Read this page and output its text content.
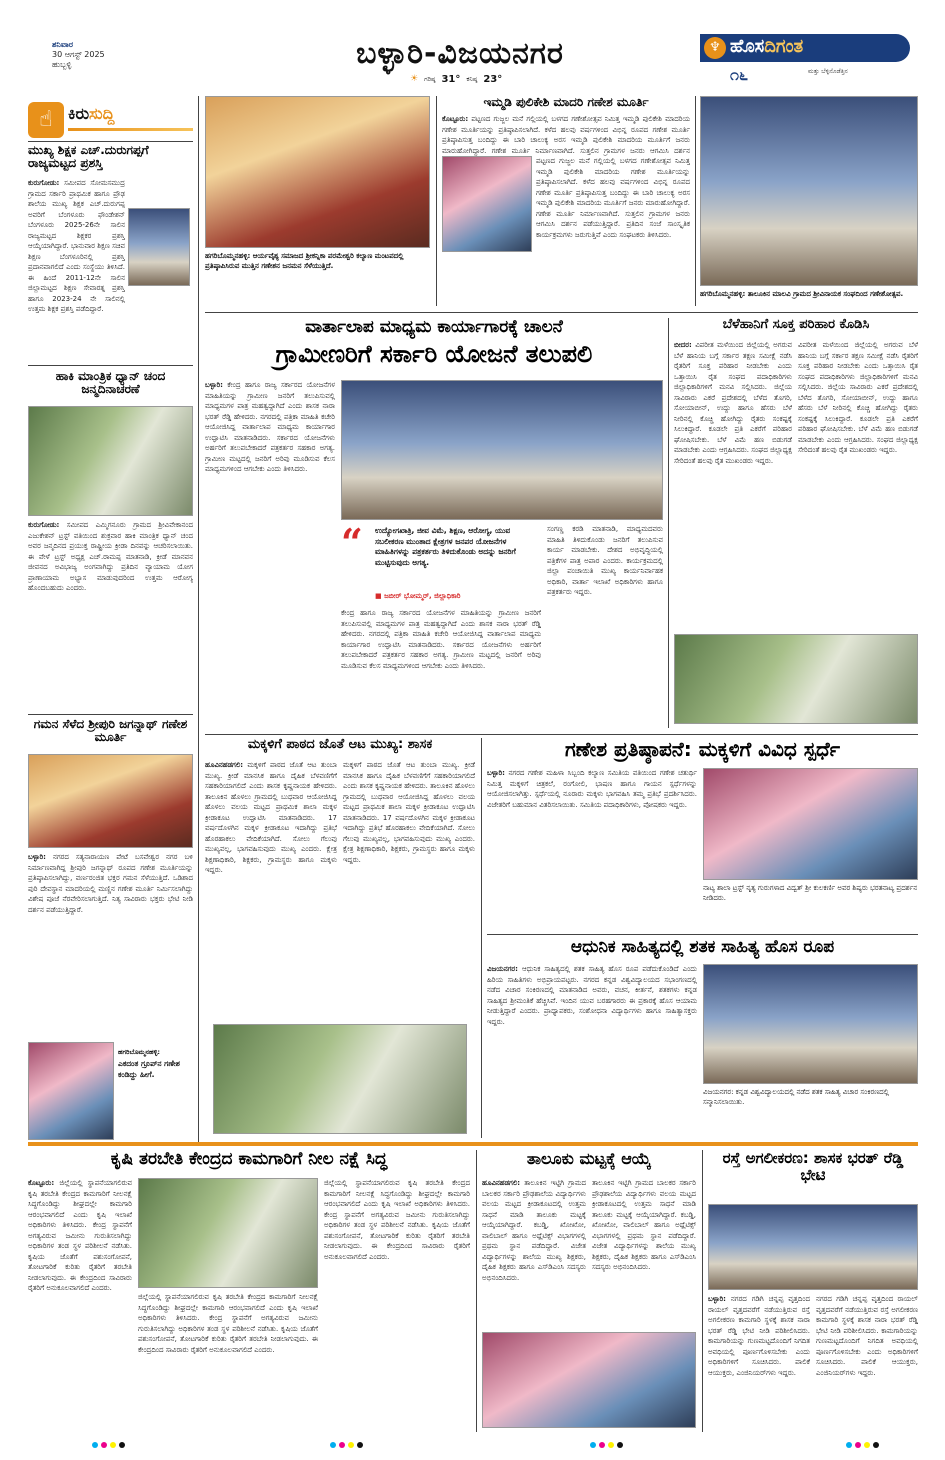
ಶನಿವಾರ
30 ಆಗಸ್ಟ್ 2025
ಹುಬ್ಬಳ್ಳಿ	ಬಳ್ಳಾರಿ-ವಿಜಯನಗರ
☀ ಗರಿಷ್ಠ 31° ಕನಿಷ್ಠ 23°
♆ ಹೊಸದಿಗಂತ
೧೬	ಮತ್ತು ಬೆಳ್ಳಿನೊಡೆತ್ತಿನ
☝ ಕಿರುಸುದ್ದಿ
ಮುಖ್ಯ ಶಿಕ್ಷಕ ಎಚ್.ದುರುಗಪ್ಪಗೆ ರಾಜ್ಯಮಟ್ಟದ ಪ್ರಶಸ್ತಿ
ಕುರುಗೋಡು: ಸಮೀಪದ ಸೋಮಸಮುದ್ರ ಗ್ರಾಮದ ಸರ್ಕಾರಿ ಪ್ರಾಥಮಿಕ ಹಾಗೂ ಪ್ರೌಢ ಶಾಲೆಯ ಮುಖ್ಯ ಶಿಕ್ಷಕ ಎಚ್.ದುರುಗಪ್ಪ ಅವರಿಗೆ ಬೆಂಗಳೂರು ಫೌಂಡೇಶನ್ ಬೆಂಗಳೂರು 2025-26ನೇ ಸಾಲಿನ ರಾಜ್ಯಮಟ್ಟದ ಶಿಕ್ಷಕರ ಪ್ರಶಸ್ತಿ ಆಯ್ಕೆಯಾಗಿದ್ದಾರೆ. ಭಾನುವಾರ ಶಿಕ್ಷಣ ಸಚಿವ ಶಿಕ್ಷಣ ಬೆಂಗಳೂರಿನಲ್ಲಿ ಪ್ರಶಸ್ತಿ ಪ್ರದಾನವಾಗಲಿದೆ ಎಂದು ಸಂಸ್ಥೆಯು ತಿಳಿಸಿದೆ. ಈ ಹಿಂದೆ 2011-12ನೇ ಸಾಲಿನ ಜಿಲ್ಲಾಮಟ್ಟದ ಶಿಕ್ಷಣ ಸೇವಾರತ್ನ ಪ್ರಶಸ್ತಿ ಹಾಗೂ 2023-24 ನೇ ಸಾಲಿನಲ್ಲಿ ಉತ್ತಮ ಶಿಕ್ಷಕ ಪ್ರಶಸ್ತಿ ಪಡೆದಿದ್ದಾರೆ.
ಹಾಕಿ ಮಾಂತ್ರಿಕ ಧ್ಯಾನ್ ಚಂದ ಜನ್ಮದಿನಾಚರಣೆ
ಕುರುಗೋಡು: ಸಮೀಪದ ಎಮ್ಮಿಗನೂರು ಗ್ರಾಮದ ಶ್ರೀವಿವೇಕಾನಂದ ಎಜುಕೇಶನ್ ಟ್ರಸ್ಟ್ ವತಿಯಿಂದ ಶುಕ್ರವಾರ ಹಾಕಿ ಮಾಂತ್ರಿಕ ಧ್ಯಾನ್ ಚಂದ ಅವರ ಜನ್ಮದಿನದ ಪ್ರಯುಕ್ತ ರಾಷ್ಟ್ರೀಯ ಕ್ರೀಡಾ ದಿನವನ್ನು ಆಚರಿಸಲಾಯಿತು. ಈ ವೇಳೆ ಟ್ರಸ್ಟ್ ಅಧ್ಯಕ್ಷ ಎಚ್.ರಾಮಪ್ಪ ಮಾತನಾಡಿ, ಕ್ರೀಡೆ ಮಾನವನ ಜೀವನದ ಅವಿಭಾಜ್ಯ ಅಂಗವಾಗಿದ್ದು ಪ್ರತಿದಿನ ವ್ಯಾಯಾಮ ಯೋಗ ಪ್ರಾಣಾಯಾಮ ಅಭ್ಯಾಸ ಮಾಡುವುದರಿಂದ ಉತ್ತಮ ಆರೋಗ್ಯ ಹೊಂದಬಹುದು ಎಂದರು.
ಗಮನ ಸೆಳೆದ ಶ್ರೀಪುರಿ ಜಗನ್ನಾಥ್ ಗಣೇಶ ಮೂರ್ತಿ
ಬಳ್ಳಾರಿ: ನಗರದ ಸತ್ಯನಾರಾಯಣ ಪೇಟೆ ಬಸವೇಶ್ವರ ನಗರ ಬಳಿ ನಿರ್ಮಾಣವಾಗಿದ್ದ ಶ್ರೀಪುರಿ ಜಗನ್ನಾಥ್ ರೂಪದ ಗಣೇಶ ಮೂರ್ತಿಯನ್ನು ಪ್ರತಿಷ್ಠಾಪಿಸಲಾಗಿದ್ದು, ವರ್ಣರಂಜಿತ ಭಕ್ತರ ಗಮನ ಸೆಳೆಯುತ್ತಿದೆ. ಒಡಿಶಾದ ಪುರಿ ದೇವಸ್ಥಾನ ಮಾದರಿಯಲ್ಲಿ ಮಣ್ಣಿನ ಗಣೇಶ ಮೂರ್ತಿ ನಿರ್ಮಿಸಲಾಗಿದ್ದು ವಿಶೇಷ ಪೂಜೆ ನೆರವೇರಿಸಲಾಗುತ್ತಿದೆ. ನಿತ್ಯ ಸಾವಿರಾರು ಭಕ್ತರು ಭೇಟಿ ನೀಡಿ ದರ್ಶನ ಪಡೆಯುತ್ತಿದ್ದಾರೆ.
ಹಗರಿಬೊಮ್ಮನಹಳ್ಳಿ:
ಎಕದಂತ ಗ್ರೂಪ್‌ನ ಗಣೇಶ ಕಂಡಿದ್ದು ಹೀಗೆ.
ಹಗರಿಬೊಮ್ಮನಹಳ್ಳಿ: ಆರ್ಯವೈಶ್ಯ ಸಮಾಜದ ಶ್ರೀಕನ್ನಿಕಾ ಪರಮೇಶ್ವರಿ ಕಲ್ಯಾಣ ಮಂಟಪದಲ್ಲಿ ಪ್ರತಿಷ್ಠಾಪಿಸಿರುವ ಮುತ್ತಿನ ಗಣೇಶನ ಜನಮನ ಸೆಳೆಯುತ್ತಿದೆ.
ಇಮ್ಮಡಿ ಪುಲಿಕೇಶಿ ಮಾದರಿ ಗಣೇಶ ಮೂರ್ತಿ
ಕೊಟ್ಟೂರು: ಪಟ್ಟಣದ ಗುಜ್ಜಲ ಮನೆ ಗಲ್ಲಿಯಲ್ಲಿ ಬಳಗದ ಗಣೇಶೋತ್ಸವ ನಿಮಿತ್ತ ಇಮ್ಮಡಿ ಪುಲಿಕೇಶಿ ಮಾದರಿಯ ಗಣೇಶ ಮೂರ್ತಿಯನ್ನು ಪ್ರತಿಷ್ಠಾಪಿಸಲಾಗಿದೆ. ಕಳೆದ ಹಲವು ವರ್ಷಗಳಿಂದ ವಿಭಿನ್ನ ರೂಪದ ಗಣೇಶ ಮೂರ್ತಿ ಪ್ರತಿಷ್ಠಾಪಿಸುತ್ತ ಬಂದಿದ್ದು ಈ ಬಾರಿ ಚಾಲುಕ್ಯ ಅರಸ ಇಮ್ಮಡಿ ಪುಲಿಕೇಶಿ ಮಾದರಿಯ ಮೂರ್ತಿಗೆ ಜನರು ಮಾರುಹೋಗಿದ್ದಾರೆ. ಗಣೇಶ ಮೂರ್ತಿ ನಿರ್ಮಾಣವಾಗಿದೆ. ಸುತ್ತಲಿನ ಗ್ರಾಮಗಳ ಜನರು ಆಗಮಿಸಿ ದರ್ಶನ
ಪಟ್ಟಣದ ಗುಜ್ಜಲ ಮನೆ ಗಲ್ಲಿಯಲ್ಲಿ ಬಳಗದ ಗಣೇಶೋತ್ಸವ ನಿಮಿತ್ತ ಇಮ್ಮಡಿ ಪುಲಿಕೇಶಿ ಮಾದರಿಯ ಗಣೇಶ ಮೂರ್ತಿಯನ್ನು ಪ್ರತಿಷ್ಠಾಪಿಸಲಾಗಿದೆ. ಕಳೆದ ಹಲವು ವರ್ಷಗಳಿಂದ ವಿಭಿನ್ನ ರೂಪದ ಗಣೇಶ ಮೂರ್ತಿ ಪ್ರತಿಷ್ಠಾಪಿಸುತ್ತ ಬಂದಿದ್ದು ಈ ಬಾರಿ ಚಾಲುಕ್ಯ ಅರಸ ಇಮ್ಮಡಿ ಪುಲಿಕೇಶಿ ಮಾದರಿಯ ಮೂರ್ತಿಗೆ ಜನರು ಮಾರುಹೋಗಿದ್ದಾರೆ. ಗಣೇಶ ಮೂರ್ತಿ ನಿರ್ಮಾಣವಾಗಿದೆ. ಸುತ್ತಲಿನ ಗ್ರಾಮಗಳ ಜನರು ಆಗಮಿಸಿ ದರ್ಶನ ಪಡೆಯುತ್ತಿದ್ದಾರೆ. ಪ್ರತಿದಿನ ಸಂಜೆ ಸಾಂಸ್ಕೃತಿಕ ಕಾರ್ಯಕ್ರಮಗಳು ಜರುಗುತ್ತಿವೆ ಎಂದು ಸಂಘಟಕರು ತಿಳಿಸಿದರು.
ಹಗರಿಬೊಮ್ಮನಹಳ್ಳಿ: ತಾಲೂಕಿನ ಮಾಲವಿ ಗ್ರಾಮದ ಶ್ರೀವಿನಾಯಕ ಸಂಘದಿಂದ ಗಣೇಶೋತ್ಸವ.
ವಾರ್ತಾಲಾಪ ಮಾಧ್ಯಮ ಕಾರ್ಯಾಗಾರಕ್ಕೆ ಚಾಲನೆ
ಗ್ರಾಮೀಣರಿಗೆ ಸರ್ಕಾರಿ ಯೋಜನೆ ತಲುಪಲಿ
ಬಳ್ಳಾರಿ: ಕೇಂದ್ರ ಹಾಗೂ ರಾಜ್ಯ ಸರ್ಕಾರದ ಯೋಜನೆಗಳ ಮಾಹಿತಿಯನ್ನು ಗ್ರಾಮೀಣ ಜನರಿಗೆ ತಲುಪಿಸುವಲ್ಲಿ ಮಾಧ್ಯಮಗಳ ಪಾತ್ರ ಮಹತ್ವದ್ದಾಗಿದೆ ಎಂದು ಶಾಸಕ ನಾರಾ ಭರತ್ ರೆಡ್ಡಿ ಹೇಳಿದರು. ನಗರದಲ್ಲಿ ಪತ್ರಿಕಾ ಮಾಹಿತಿ ಕಚೇರಿ ಆಯೋಜಿಸಿದ್ದ ವಾರ್ತಾಲಾಪ ಮಾಧ್ಯಮ ಕಾರ್ಯಾಗಾರ ಉದ್ಘಾಟಿಸಿ ಮಾತನಾಡಿದರು. ಸರ್ಕಾರದ ಯೋಜನೆಗಳು ಅರ್ಹರಿಗೆ ತಲುಪಬೇಕಾದರೆ ಪತ್ರಕರ್ತರ ಸಹಕಾರ ಅಗತ್ಯ. ಗ್ರಾಮೀಣ ಮಟ್ಟದಲ್ಲಿ ಜನರಿಗೆ ಅರಿವು ಮೂಡಿಸುವ ಕೆಲಸ ಮಾಧ್ಯಮಗಳಿಂದ ಆಗಬೇಕು ಎಂದು ತಿಳಿಸಿದರು.
“ ಉದ್ಯೋಗಖಾತ್ರಿ, ಜೀವ ವಿಮೆ, ಶಿಕ್ಷಣ, ಆರೋಗ್ಯ, ಯುವ ಸಬಲೀಕರಣ ಮುಂತಾದ ಕ್ಷೇತ್ರಗಳ ಜನಪರ ಯೋಜನೆಗಳ ಮಾಹಿತಿಗಳನ್ನು ಪತ್ರಕರ್ತರು ತಿಳಿದುಕೊಂಡು ಅದನ್ನು ಜನರಿಗೆ ಮುಟ್ಟಿಸುವುದು ಅಗತ್ಯ.
■ ಜಬೀರ್ ಭೋಮ್ಮರ್, ಜಿಲ್ಲಾಧಿಕಾರಿ
ಸಂಗಣ್ಣ ಕರಡಿ ಮಾತನಾಡಿ, ಮಾಧ್ಯಮದವರು ಮಾಹಿತಿ ತಿಳಿದುಕೊಂಡು ಜನರಿಗೆ ತಲುಪಿಸುವ ಕಾರ್ಯ ಮಾಡಬೇಕು. ದೇಶದ ಅಭಿವೃದ್ಧಿಯಲ್ಲಿ ಪತ್ರಿಕೆಗಳ ಪಾತ್ರ ಅಪಾರ ಎಂದರು. ಕಾರ್ಯಕ್ರಮದಲ್ಲಿ ಜಿಲ್ಲಾ ಪಂಚಾಯಿತಿ ಮುಖ್ಯ ಕಾರ್ಯನಿರ್ವಾಹಕ ಅಧಿಕಾರಿ, ವಾರ್ತಾ ಇಲಾಖೆ ಅಧಿಕಾರಿಗಳು ಹಾಗೂ ಪತ್ರಕರ್ತರು ಇದ್ದರು.
ಕೇಂದ್ರ ಹಾಗೂ ರಾಜ್ಯ ಸರ್ಕಾರದ ಯೋಜನೆಗಳ ಮಾಹಿತಿಯನ್ನು ಗ್ರಾಮೀಣ ಜನರಿಗೆ ತಲುಪಿಸುವಲ್ಲಿ ಮಾಧ್ಯಮಗಳ ಪಾತ್ರ ಮಹತ್ವದ್ದಾಗಿದೆ ಎಂದು ಶಾಸಕ ನಾರಾ ಭರತ್ ರೆಡ್ಡಿ ಹೇಳಿದರು. ನಗರದಲ್ಲಿ ಪತ್ರಿಕಾ ಮಾಹಿತಿ ಕಚೇರಿ ಆಯೋಜಿಸಿದ್ದ ವಾರ್ತಾಲಾಪ ಮಾಧ್ಯಮ ಕಾರ್ಯಾಗಾರ ಉದ್ಘಾಟಿಸಿ ಮಾತನಾಡಿದರು. ಸರ್ಕಾರದ ಯೋಜನೆಗಳು ಅರ್ಹರಿಗೆ ತಲುಪಬೇಕಾದರೆ ಪತ್ರಕರ್ತರ ಸಹಕಾರ ಅಗತ್ಯ. ಗ್ರಾಮೀಣ ಮಟ್ಟದಲ್ಲಿ ಜನರಿಗೆ ಅರಿವು ಮೂಡಿಸುವ ಕೆಲಸ ಮಾಧ್ಯಮಗಳಿಂದ ಆಗಬೇಕು ಎಂದು ತಿಳಿಸಿದರು.
ಬೆಳೆಹಾನಿಗೆ ಸೂಕ್ತ ಪರಿಹಾರ ಕೊಡಿಸಿ
ಬೀದರ: ವಿಪರೀತ ಮಳೆಯಿಂದ ಜಿಲ್ಲೆಯಲ್ಲಿ ಅಗರುವ ಬೆಳೆ ಹಾನಿಯ ಬಗ್ಗೆ ಸರ್ಕಾರ ತಕ್ಷಣ ಸಮೀಕ್ಷೆ ನಡೆಸಿ ರೈತರಿಗೆ ಸೂಕ್ತ ಪರಿಹಾರ ನೀಡಬೇಕು ಎಂದು ಒತ್ತಾಯಿಸಿ ರೈತ ಸಂಘದ ಪದಾಧಿಕಾರಿಗಳು ಜಿಲ್ಲಾಧಿಕಾರಿಗಳಿಗೆ ಮನವಿ ಸಲ್ಲಿಸಿದರು. ಜಿಲ್ಲೆಯ ಸಾವಿರಾರು ಎಕರೆ ಪ್ರದೇಶದಲ್ಲಿ ಬೆಳೆದ ತೊಗರಿ, ಸೋಯಾಬೀನ್, ಉದ್ದು ಹಾಗೂ ಹೆಸರು ಬೆಳೆ ನೀರಿನಲ್ಲಿ ಕೊಚ್ಚಿ ಹೋಗಿದ್ದು ರೈತರು ಸಂಕಷ್ಟಕ್ಕೆ ಸಿಲುಕಿದ್ದಾರೆ. ಕೂಡಲೇ ಪ್ರತಿ ಎಕರೆಗೆ ಪರಿಹಾರ ಘೋಷಿಸಬೇಕು. ಬೆಳೆ ವಿಮೆ ಹಣ ಬಿಡುಗಡೆ ಮಾಡಬೇಕು ಎಂದು ಆಗ್ರಹಿಸಿದರು. ಸಂಘದ ಜಿಲ್ಲಾಧ್ಯಕ್ಷ ಸೇರಿದಂತೆ ಹಲವು ರೈತ ಮುಖಂಡರು ಇದ್ದರು.
ವಿಪರೀತ ಮಳೆಯಿಂದ ಜಿಲ್ಲೆಯಲ್ಲಿ ಅಗರುವ ಬೆಳೆ ಹಾನಿಯ ಬಗ್ಗೆ ಸರ್ಕಾರ ತಕ್ಷಣ ಸಮೀಕ್ಷೆ ನಡೆಸಿ ರೈತರಿಗೆ ಸೂಕ್ತ ಪರಿಹಾರ ನೀಡಬೇಕು ಎಂದು ಒತ್ತಾಯಿಸಿ ರೈತ ಸಂಘದ ಪದಾಧಿಕಾರಿಗಳು ಜಿಲ್ಲಾಧಿಕಾರಿಗಳಿಗೆ ಮನವಿ ಸಲ್ಲಿಸಿದರು. ಜಿಲ್ಲೆಯ ಸಾವಿರಾರು ಎಕರೆ ಪ್ರದೇಶದಲ್ಲಿ ಬೆಳೆದ ತೊಗರಿ, ಸೋಯಾಬೀನ್, ಉದ್ದು ಹಾಗೂ ಹೆಸರು ಬೆಳೆ ನೀರಿನಲ್ಲಿ ಕೊಚ್ಚಿ ಹೋಗಿದ್ದು ರೈತರು ಸಂಕಷ್ಟಕ್ಕೆ ಸಿಲುಕಿದ್ದಾರೆ. ಕೂಡಲೇ ಪ್ರತಿ ಎಕರೆಗೆ ಪರಿಹಾರ ಘೋಷಿಸಬೇಕು. ಬೆಳೆ ವಿಮೆ ಹಣ ಬಿಡುಗಡೆ ಮಾಡಬೇಕು ಎಂದು ಆಗ್ರಹಿಸಿದರು. ಸಂಘದ ಜಿಲ್ಲಾಧ್ಯಕ್ಷ ಸೇರಿದಂತೆ ಹಲವು ರೈತ ಮುಖಂಡರು ಇದ್ದರು.
ಮಕ್ಕಳಿಗೆ ಪಾಠದ ಜೊತೆ ಆಟ ಮುಖ್ಯ: ಶಾಸಕ
ಹೂವಿನಹಡಗಲಿ: ಮಕ್ಕಳಿಗೆ ಪಾಠದ ಜೊತೆ ಆಟ ತುಂಬಾ ಮುಖ್ಯ. ಕ್ರೀಡೆ ಮಾನಸಿಕ ಹಾಗೂ ದೈಹಿಕ ಬೆಳವಣಿಗೆಗೆ ಸಹಕಾರಿಯಾಗಲಿದೆ ಎಂದು ಶಾಸಕ ಕೃಷ್ಣನಾಯಕ ಹೇಳಿದರು. ತಾಲೂಕಿನ ಹೊಳಲು ಗ್ರಾಮದಲ್ಲಿ ಬುಧವಾರ ಆಯೋಜಿಸಿದ್ದ ಹೊಳಲು ವಲಯ ಮಟ್ಟದ ಪ್ರಾಥಮಿಕ ಶಾಲಾ ಮಕ್ಕಳ ಕ್ರೀಡಾಕೂಟ ಉದ್ಘಾಟಿಸಿ ಮಾತನಾಡಿದರು. 17 ವರ್ಷದೊಳಗಿನ ಮಕ್ಕಳ ಕ್ರೀಡಾಕೂಟ ಇದಾಗಿದ್ದು ಪ್ರತಿಭೆ ಹೊರಹಾಕಲು ವೇದಿಕೆಯಾಗಿದೆ. ಸೋಲು ಗೆಲುವು ಮುಖ್ಯವಲ್ಲ, ಭಾಗವಹಿಸುವುದು ಮುಖ್ಯ ಎಂದರು. ಕ್ಷೇತ್ರ ಶಿಕ್ಷಣಾಧಿಕಾರಿ, ಶಿಕ್ಷಕರು, ಗ್ರಾಮಸ್ಥರು ಹಾಗೂ ಮಕ್ಕಳು ಇದ್ದರು.
ಮಕ್ಕಳಿಗೆ ಪಾಠದ ಜೊತೆ ಆಟ ತುಂಬಾ ಮುಖ್ಯ. ಕ್ರೀಡೆ ಮಾನಸಿಕ ಹಾಗೂ ದೈಹಿಕ ಬೆಳವಣಿಗೆಗೆ ಸಹಕಾರಿಯಾಗಲಿದೆ ಎಂದು ಶಾಸಕ ಕೃಷ್ಣನಾಯಕ ಹೇಳಿದರು. ತಾಲೂಕಿನ ಹೊಳಲು ಗ್ರಾಮದಲ್ಲಿ ಬುಧವಾರ ಆಯೋಜಿಸಿದ್ದ ಹೊಳಲು ವಲಯ ಮಟ್ಟದ ಪ್ರಾಥಮಿಕ ಶಾಲಾ ಮಕ್ಕಳ ಕ್ರೀಡಾಕೂಟ ಉದ್ಘಾಟಿಸಿ ಮಾತನಾಡಿದರು. 17 ವರ್ಷದೊಳಗಿನ ಮಕ್ಕಳ ಕ್ರೀಡಾಕೂಟ ಇದಾಗಿದ್ದು ಪ್ರತಿಭೆ ಹೊರಹಾಕಲು ವೇದಿಕೆಯಾಗಿದೆ. ಸೋಲು ಗೆಲುವು ಮುಖ್ಯವಲ್ಲ, ಭಾಗವಹಿಸುವುದು ಮುಖ್ಯ ಎಂದರು. ಕ್ಷೇತ್ರ ಶಿಕ್ಷಣಾಧಿಕಾರಿ, ಶಿಕ್ಷಕರು, ಗ್ರಾಮಸ್ಥರು ಹಾಗೂ ಮಕ್ಕಳು ಇದ್ದರು.
ಗಣೇಶ ಪ್ರತಿಷ್ಠಾಪನೆ: ಮಕ್ಕಳಿಗೆ ವಿವಿಧ ಸ್ಪರ್ಧೆ
ಬಳ್ಳಾರಿ: ನಗರದ ಗಣೇಶ ಮಹಿಳಾ ಸಿಬ್ಬಂದಿ ಕಲ್ಯಾಣ ಸಮಿತಿಯ ವತಿಯಿಂದ ಗಣೇಶ ಚತುರ್ಥಿ ನಿಮಿತ್ತ ಮಕ್ಕಳಿಗೆ ಚಿತ್ರಕಲೆ, ರಂಗೋಲಿ, ಭಾಷಣ ಹಾಗೂ ಗಾಯನ ಸ್ಪರ್ಧೆಗಳನ್ನು ಆಯೋಜಿಸಲಾಗಿತ್ತು. ಸ್ಪರ್ಧೆಯಲ್ಲಿ ನೂರಾರು ಮಕ್ಕಳು ಭಾಗವಹಿಸಿ ತಮ್ಮ ಪ್ರತಿಭೆ ಪ್ರದರ್ಶಿಸಿದರು. ವಿಜೇತರಿಗೆ ಬಹುಮಾನ ವಿತರಿಸಲಾಯಿತು. ಸಮಿತಿಯ ಪದಾಧಿಕಾರಿಗಳು, ಪೋಷಕರು ಇದ್ದರು.
ನಾಟ್ಯ ಶಾಲಾ ಟ್ರಸ್ಟ್ ನೃತ್ಯ ಗುರುಗಳಾದ ವಿದ್ವತ್ ಶ್ರೀ ಕುಲಕರ್ಣಿ ಅವರ ಶಿಷ್ಯರು ಭರತನಾಟ್ಯ ಪ್ರದರ್ಶನ ನೀಡಿದರು.
ಆಧುನಿಕ ಸಾಹಿತ್ಯದಲ್ಲಿ ಶತಕ ಸಾಹಿತ್ಯ ಹೊಸ ರೂಪ
ವಿಜಯನಗರ: ಆಧುನಿಕ ಸಾಹಿತ್ಯದಲ್ಲಿ ಶತಕ ಸಾಹಿತ್ಯ ಹೊಸ ರೂಪ ಪಡೆದುಕೊಂಡಿದೆ ಎಂದು ಹಿರಿಯ ಸಾಹಿತಿಗಳು ಅಭಿಪ್ರಾಯಪಟ್ಟರು. ನಗರದ ಕನ್ನಡ ವಿಶ್ವವಿದ್ಯಾಲಯದ ಸಭಾಂಗಣದಲ್ಲಿ ನಡೆದ ವಿಚಾರ ಸಂಕಿರಣದಲ್ಲಿ ಮಾತನಾಡಿದ ಅವರು, ವಚನ, ಕೀರ್ತನೆ, ಶತಕಗಳು ಕನ್ನಡ ಸಾಹಿತ್ಯದ ಶ್ರೀಮಂತಿಕೆ ಹೆಚ್ಚಿಸಿವೆ. ಇಂದಿನ ಯುವ ಬರಹಗಾರರು ಈ ಪ್ರಕಾರಕ್ಕೆ ಹೊಸ ಆಯಾಮ ನೀಡುತ್ತಿದ್ದಾರೆ ಎಂದರು. ಪ್ರಾಧ್ಯಾಪಕರು, ಸಂಶೋಧನಾ ವಿದ್ಯಾರ್ಥಿಗಳು ಹಾಗೂ ಸಾಹಿತ್ಯಾಸಕ್ತರು ಇದ್ದರು.
ವಿಜಯನಗರ: ಕನ್ನಡ ವಿಶ್ವವಿದ್ಯಾಲಯದಲ್ಲಿ ನಡೆದ ಶತಕ ಸಾಹಿತ್ಯ ವಿಚಾರ ಸಂಕಿರಣದಲ್ಲಿ ಸನ್ಮಾನಿಸಲಾಯಿತು.
ಕೃಷಿ ತರಬೇತಿ ಕೇಂದ್ರದ ಕಾಮಗಾರಿಗೆ ನೀಲ ನಕ್ಷೆ ಸಿದ್ಧ
ಕೊಟ್ಟೂರು: ಜಿಲ್ಲೆಯಲ್ಲಿ ಸ್ಥಾಪನೆಯಾಗಲಿರುವ ಕೃಷಿ ತರಬೇತಿ ಕೇಂದ್ರದ ಕಾಮಗಾರಿಗೆ ನೀಲನಕ್ಷೆ ಸಿದ್ಧಗೊಂಡಿದ್ದು ಶೀಘ್ರದಲ್ಲೇ ಕಾಮಗಾರಿ ಆರಂಭವಾಗಲಿದೆ ಎಂದು ಕೃಷಿ ಇಲಾಖೆ ಅಧಿಕಾರಿಗಳು ತಿಳಿಸಿದರು. ಕೇಂದ್ರ ಸ್ಥಾಪನೆಗೆ ಅಗತ್ಯವಿರುವ ಜಮೀನು ಗುರುತಿಸಲಾಗಿದ್ದು ಅಧಿಕಾರಿಗಳ ತಂಡ ಸ್ಥಳ ಪರಿಶೀಲನೆ ನಡೆಸಿತು. ಕೃಷಿಯ ಜೊತೆಗೆ ಪಶುಸಂಗೋಪನೆ, ತೋಟಗಾರಿಕೆ ಕುರಿತು ರೈತರಿಗೆ ತರಬೇತಿ ನೀಡಲಾಗುವುದು. ಈ ಕೇಂದ್ರದಿಂದ ಸಾವಿರಾರು ರೈತರಿಗೆ ಅನುಕೂಲವಾಗಲಿದೆ ಎಂದರು.
ಜಿಲ್ಲೆಯಲ್ಲಿ ಸ್ಥಾಪನೆಯಾಗಲಿರುವ ಕೃಷಿ ತರಬೇತಿ ಕೇಂದ್ರದ ಕಾಮಗಾರಿಗೆ ನೀಲನಕ್ಷೆ ಸಿದ್ಧಗೊಂಡಿದ್ದು ಶೀಘ್ರದಲ್ಲೇ ಕಾಮಗಾರಿ ಆರಂಭವಾಗಲಿದೆ ಎಂದು ಕೃಷಿ ಇಲಾಖೆ ಅಧಿಕಾರಿಗಳು ತಿಳಿಸಿದರು. ಕೇಂದ್ರ ಸ್ಥಾಪನೆಗೆ ಅಗತ್ಯವಿರುವ ಜಮೀನು ಗುರುತಿಸಲಾಗಿದ್ದು ಅಧಿಕಾರಿಗಳ ತಂಡ ಸ್ಥಳ ಪರಿಶೀಲನೆ ನಡೆಸಿತು. ಕೃಷಿಯ ಜೊತೆಗೆ ಪಶುಸಂಗೋಪನೆ, ತೋಟಗಾರಿಕೆ ಕುರಿತು ರೈತರಿಗೆ ತರಬೇತಿ ನೀಡಲಾಗುವುದು. ಈ ಕೇಂದ್ರದಿಂದ ಸಾವಿರಾರು ರೈತರಿಗೆ ಅನುಕೂಲವಾಗಲಿದೆ ಎಂದರು.
ಜಿಲ್ಲೆಯಲ್ಲಿ ಸ್ಥಾಪನೆಯಾಗಲಿರುವ ಕೃಷಿ ತರಬೇತಿ ಕೇಂದ್ರದ ಕಾಮಗಾರಿಗೆ ನೀಲನಕ್ಷೆ ಸಿದ್ಧಗೊಂಡಿದ್ದು ಶೀಘ್ರದಲ್ಲೇ ಕಾಮಗಾರಿ ಆರಂಭವಾಗಲಿದೆ ಎಂದು ಕೃಷಿ ಇಲಾಖೆ ಅಧಿಕಾರಿಗಳು ತಿಳಿಸಿದರು. ಕೇಂದ್ರ ಸ್ಥಾಪನೆಗೆ ಅಗತ್ಯವಿರುವ ಜಮೀನು ಗುರುತಿಸಲಾಗಿದ್ದು ಅಧಿಕಾರಿಗಳ ತಂಡ ಸ್ಥಳ ಪರಿಶೀಲನೆ ನಡೆಸಿತು. ಕೃಷಿಯ ಜೊತೆಗೆ ಪಶುಸಂಗೋಪನೆ, ತೋಟಗಾರಿಕೆ ಕುರಿತು ರೈತರಿಗೆ ತರಬೇತಿ ನೀಡಲಾಗುವುದು. ಈ ಕೇಂದ್ರದಿಂದ ಸಾವಿರಾರು ರೈತರಿಗೆ ಅನುಕೂಲವಾಗಲಿದೆ ಎಂದರು.
ತಾಲೂಕು ಮಟ್ಟಕ್ಕೆ ಆಯ್ಕೆ
ಹೂವಿನಹಡಗಲಿ: ತಾಲೂಕಿನ ಇಟ್ಟಿಗಿ ಗ್ರಾಮದ ಬಾಲಕರ ಸರ್ಕಾರಿ ಪ್ರೌಢಶಾಲೆಯ ವಿದ್ಯಾರ್ಥಿಗಳು ವಲಯ ಮಟ್ಟದ ಕ್ರೀಡಾಕೂಟದಲ್ಲಿ ಉತ್ತಮ ಸಾಧನೆ ಮಾಡಿ ತಾಲೂಕು ಮಟ್ಟಕ್ಕೆ ಆಯ್ಕೆಯಾಗಿದ್ದಾರೆ. ಕಬಡ್ಡಿ, ಖೋಖೋ, ವಾಲಿಬಾಲ್ ಹಾಗೂ ಅಥ್ಲೆಟಿಕ್ಸ್ ವಿಭಾಗಗಳಲ್ಲಿ ಪ್ರಥಮ ಸ್ಥಾನ ಪಡೆದಿದ್ದಾರೆ. ವಿಜೇತ ವಿದ್ಯಾರ್ಥಿಗಳನ್ನು ಶಾಲೆಯ ಮುಖ್ಯ ಶಿಕ್ಷಕರು, ದೈಹಿಕ ಶಿಕ್ಷಕರು ಹಾಗೂ ಎಸ್‌ಡಿಎಂಸಿ ಸದಸ್ಯರು ಅಭಿನಂದಿಸಿದರು.
ತಾಲೂಕಿನ ಇಟ್ಟಿಗಿ ಗ್ರಾಮದ ಬಾಲಕರ ಸರ್ಕಾರಿ ಪ್ರೌಢಶಾಲೆಯ ವಿದ್ಯಾರ್ಥಿಗಳು ವಲಯ ಮಟ್ಟದ ಕ್ರೀಡಾಕೂಟದಲ್ಲಿ ಉತ್ತಮ ಸಾಧನೆ ಮಾಡಿ ತಾಲೂಕು ಮಟ್ಟಕ್ಕೆ ಆಯ್ಕೆಯಾಗಿದ್ದಾರೆ. ಕಬಡ್ಡಿ, ಖೋಖೋ, ವಾಲಿಬಾಲ್ ಹಾಗೂ ಅಥ್ಲೆಟಿಕ್ಸ್ ವಿಭಾಗಗಳಲ್ಲಿ ಪ್ರಥಮ ಸ್ಥಾನ ಪಡೆದಿದ್ದಾರೆ. ವಿಜೇತ ವಿದ್ಯಾರ್ಥಿಗಳನ್ನು ಶಾಲೆಯ ಮುಖ್ಯ ಶಿಕ್ಷಕರು, ದೈಹಿಕ ಶಿಕ್ಷಕರು ಹಾಗೂ ಎಸ್‌ಡಿಎಂಸಿ ಸದಸ್ಯರು ಅಭಿನಂದಿಸಿದರು.
ರಸ್ತೆ ಅಗಲೀಕರಣ: ಶಾಸಕ ಭರತ್ ರೆಡ್ಡಿ ಭೇಟಿ
ಬಳ್ಳಾರಿ: ನಗರದ ಗಡಿಗಿ ಚನ್ನಪ್ಪ ವೃತ್ತದಿಂದ ರಾಯಲ್ ವೃತ್ತದವರೆಗೆ ನಡೆಯುತ್ತಿರುವ ರಸ್ತೆ ಅಗಲೀಕರಣ ಕಾಮಗಾರಿ ಸ್ಥಳಕ್ಕೆ ಶಾಸಕ ನಾರಾ ಭರತ್ ರೆಡ್ಡಿ ಭೇಟಿ ನೀಡಿ ಪರಿಶೀಲಿಸಿದರು. ಕಾಮಗಾರಿಯನ್ನು ಗುಣಮಟ್ಟದೊಂದಿಗೆ ನಿಗದಿತ ಅವಧಿಯಲ್ಲಿ ಪೂರ್ಣಗೊಳಿಸಬೇಕು ಎಂದು ಅಧಿಕಾರಿಗಳಿಗೆ ಸೂಚಿಸಿದರು. ಪಾಲಿಕೆ ಆಯುಕ್ತರು, ಎಂಜಿನಿಯರ್‌ಗಳು ಇದ್ದರು.
ನಗರದ ಗಡಿಗಿ ಚನ್ನಪ್ಪ ವೃತ್ತದಿಂದ ರಾಯಲ್ ವೃತ್ತದವರೆಗೆ ನಡೆಯುತ್ತಿರುವ ರಸ್ತೆ ಅಗಲೀಕರಣ ಕಾಮಗಾರಿ ಸ್ಥಳಕ್ಕೆ ಶಾಸಕ ನಾರಾ ಭರತ್ ರೆಡ್ಡಿ ಭೇಟಿ ನೀಡಿ ಪರಿಶೀಲಿಸಿದರು. ಕಾಮಗಾರಿಯನ್ನು ಗುಣಮಟ್ಟದೊಂದಿಗೆ ನಿಗದಿತ ಅವಧಿಯಲ್ಲಿ ಪೂರ್ಣಗೊಳಿಸಬೇಕು ಎಂದು ಅಧಿಕಾರಿಗಳಿಗೆ ಸೂಚಿಸಿದರು. ಪಾಲಿಕೆ ಆಯುಕ್ತರು, ಎಂಜಿನಿಯರ್‌ಗಳು ಇದ್ದರು.
